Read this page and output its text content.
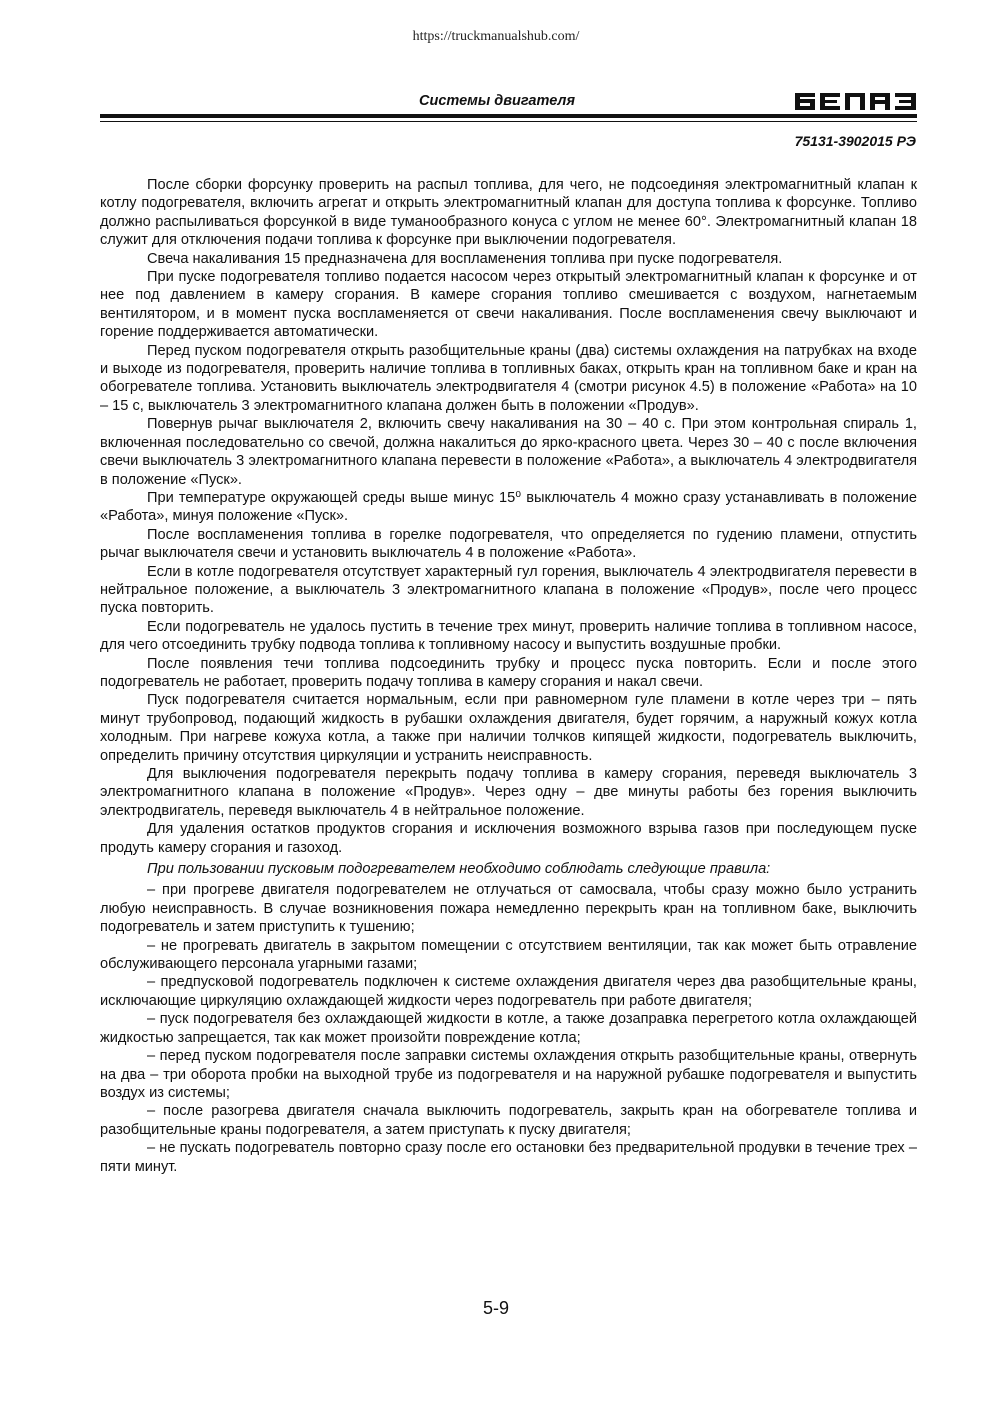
https://truckmanualshub.com/
Системы двигателя
75131-3902015 РЭ

После сборки форсунку проверить на распыл топлива, для чего, не подсоединяя электромагнитный клапан к котлу подогревателя, включить агрегат и открыть электромагнитный клапан для доступа топлива к форсунке. Топливо должно распыливаться форсункой в виде туманообразного конуса с углом не менее 60°. Электромагнитный клапан 18 служит для отключения подачи топлива к форсунке при выключении подогревателя.

Свеча накаливания 15 предназначена для воспламенения топлива при пуске подогревателя.

При пуске подогревателя топливо подается насосом через открытый электромагнитный клапан к форсунке и от нее под давлением в камеру сгорания. В камере сгорания топливо смешивается с воздухом, нагнетаемым вентилятором, и в момент пуска воспламеняется от свечи накаливания. После воспламенения свечу выключают и горение поддерживается автоматически.

Перед пуском подогревателя открыть разобщительные краны (два) системы охлаждения на патрубках на входе и выходе из подогревателя, проверить наличие топлива в топливных баках, открыть кран на топливном баке и кран на обогревателе топлива. Установить выключатель электродвигателя 4 (смотри рисунок 4.5) в положение «Работа» на 10 – 15 с, выключатель 3 электромагнитного клапана должен быть в положении «Продув».

Повернув рычаг выключателя 2, включить свечу накаливания на 30 – 40 с. При этом контрольная спираль 1, включенная последовательно со свечой, должна накалиться до ярко-красного цвета. Через 30 – 40 с после включения свечи выключатель 3 электромагнитного клапана перевести в положение «Работа», а выключатель 4 электродвигателя в положение «Пуск».

При температуре окружающей среды выше минус 15⁰ выключатель 4 можно сразу устанавливать в положение «Работа», минуя положение «Пуск».

После воспламенения топлива в горелке подогревателя, что определяется по гудению пламени, отпустить рычаг выключателя свечи и установить выключатель 4 в положение «Работа».

Если в котле подогревателя отсутствует характерный гул горения, выключатель 4 электродвигателя перевести в нейтральное положение, а выключатель 3 электромагнитного клапана в положение «Продув», после чего процесс пуска повторить.

Если подогреватель не удалось пустить в течение трех минут, проверить наличие топлива в топливном насосе, для чего отсоединить трубку подвода топлива к топливному насосу и выпустить воздушные пробки.

После появления течи топлива подсоединить трубку и процесс пуска повторить. Если и после этого подогреватель не работает, проверить подачу топлива в камеру сгорания и накал свечи.

Пуск подогревателя считается нормальным, если при равномерном гуле пламени в котле через три – пять минут трубопровод, подающий жидкость в рубашки охлаждения двигателя, будет горячим, а наружный кожух котла холодным. При нагреве кожуха котла, а также при наличии толчков кипящей жидкости, подогреватель выключить, определить причину отсутствия циркуляции и устранить неисправность.

Для выключения подогревателя перекрыть подачу топлива в камеру сгорания, переведя выключатель 3 электромагнитного клапана в положение «Продув». Через одну – две минуты работы без горения выключить электродвигатель, переведя выключатель 4 в нейтральное положение.

Для удаления остатков продуктов сгорания и исключения возможного взрыва газов при последующем пуске продуть камеру сгорания и газоход.

При пользовании пусковым подогревателем необходимо соблюдать следующие правила:

– при прогреве двигателя подогревателем не отлучаться от самосвала, чтобы сразу можно было устранить любую неисправность. В случае возникновения пожара немедленно перекрыть кран на топливном баке, выключить подогреватель и затем приступить к тушению;

– не прогревать двигатель в закрытом помещении с отсутствием вентиляции, так как может быть отравление обслуживающего персонала угарными газами;

– предпусковой подогреватель подключен к системе охлаждения двигателя через два разобщительные краны, исключающие циркуляцию охлаждающей жидкости через подогреватель при работе двигателя;

– пуск подогревателя без охлаждающей жидкости в котле, а также дозаправка перегретого котла охлаждающей жидкостью запрещается, так как может произойти повреждение котла;

– перед пуском подогревателя после заправки системы охлаждения открыть разобщительные краны, отвернуть на два – три оборота пробки на выходной трубе из подогревателя и на наружной рубашке подогревателя и выпустить воздух из системы;

– после разогрева двигателя сначала выключить подогреватель, закрыть кран на обогревателе топлива и разобщительные краны подогревателя, а затем приступать к пуску двигателя;

– не пускать подогреватель повторно сразу после его остановки без предварительной продувки в течение трех – пяти минут.

5-9
